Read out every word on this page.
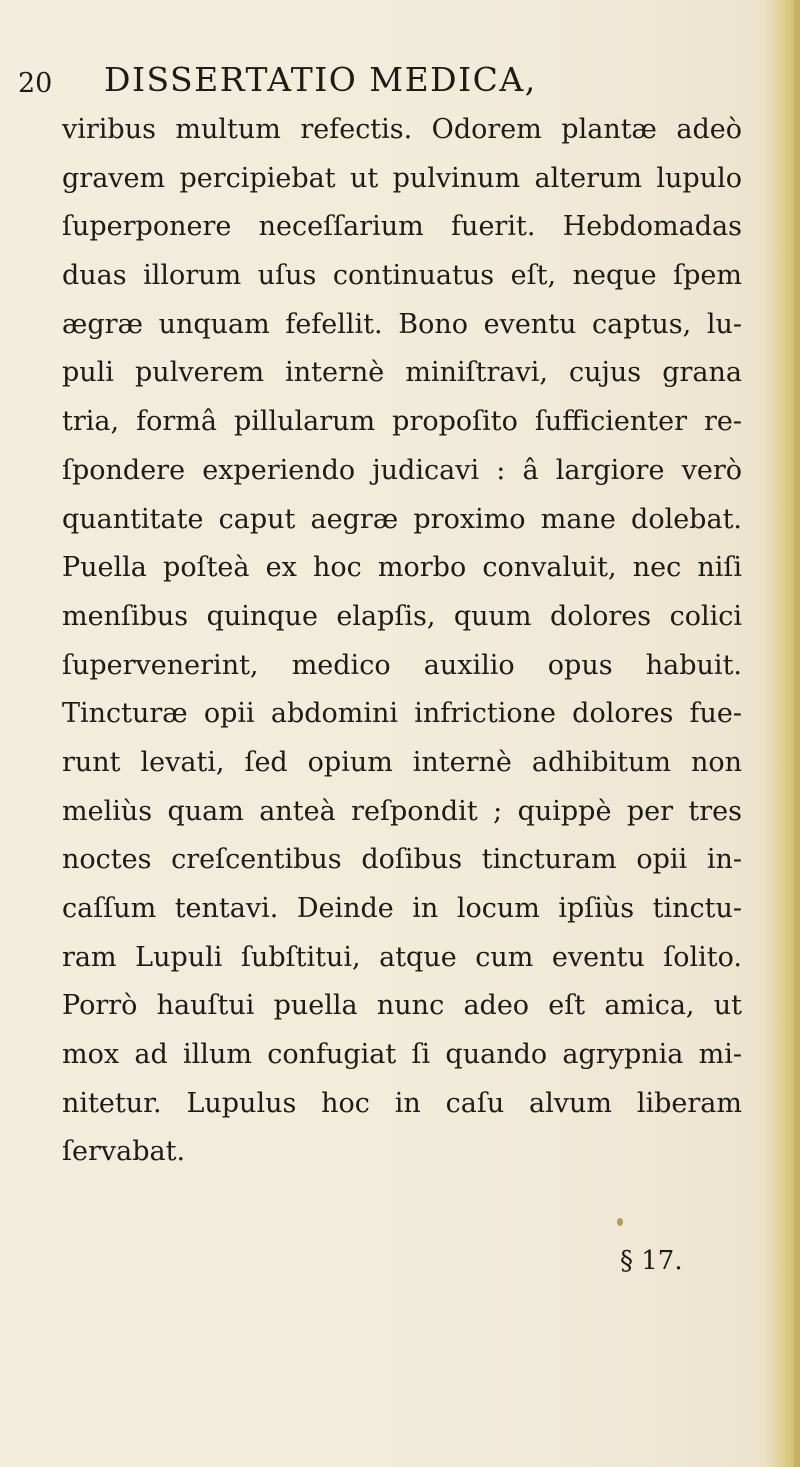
20 DISSERTATIO MEDICA,
viribus multum refectis. Odorem plantæ adeò
gravem percipiebat ut pulvinum alterum lupulo
ſuperponere neceſſarium fuerit. Hebdomadas
duas illorum uſus continuatus eſt, neque ſpem
ægræ unquam fefellit. Bono eventu captus, lu-
puli pulverem internè miniſtravi, cujus grana
tria, formâ pillularum propoſito ſufficienter re-
ſpondere experiendo judicavi : â largiore verò
quantitate caput aegræ proximo mane dolebat.
Puella poſteà ex hoc morbo convaluit, nec niſi
menſibus quinque elapſis, quum dolores colici
ſupervenerint, medico auxilio opus habuit.
Tincturæ opii abdomini infrictione dolores fue-
runt levati, ſed opium internè adhibitum non
meliùs quam anteà reſpondit ; quippè per tres
noctes creſcentibus doſibus tincturam opii in-
caſſum tentavi. Deinde in locum ipſiùs tinctu-
ram Lupuli ſubſtitui, atque cum eventu ſolito.
Porrò hauſtui puella nunc adeo eſt amica, ut
mox ad illum confugiat ſi quando agrypnia mi-
nitetur. Lupulus hoc in caſu alvum liberam
ſervabat.
§ 17.
